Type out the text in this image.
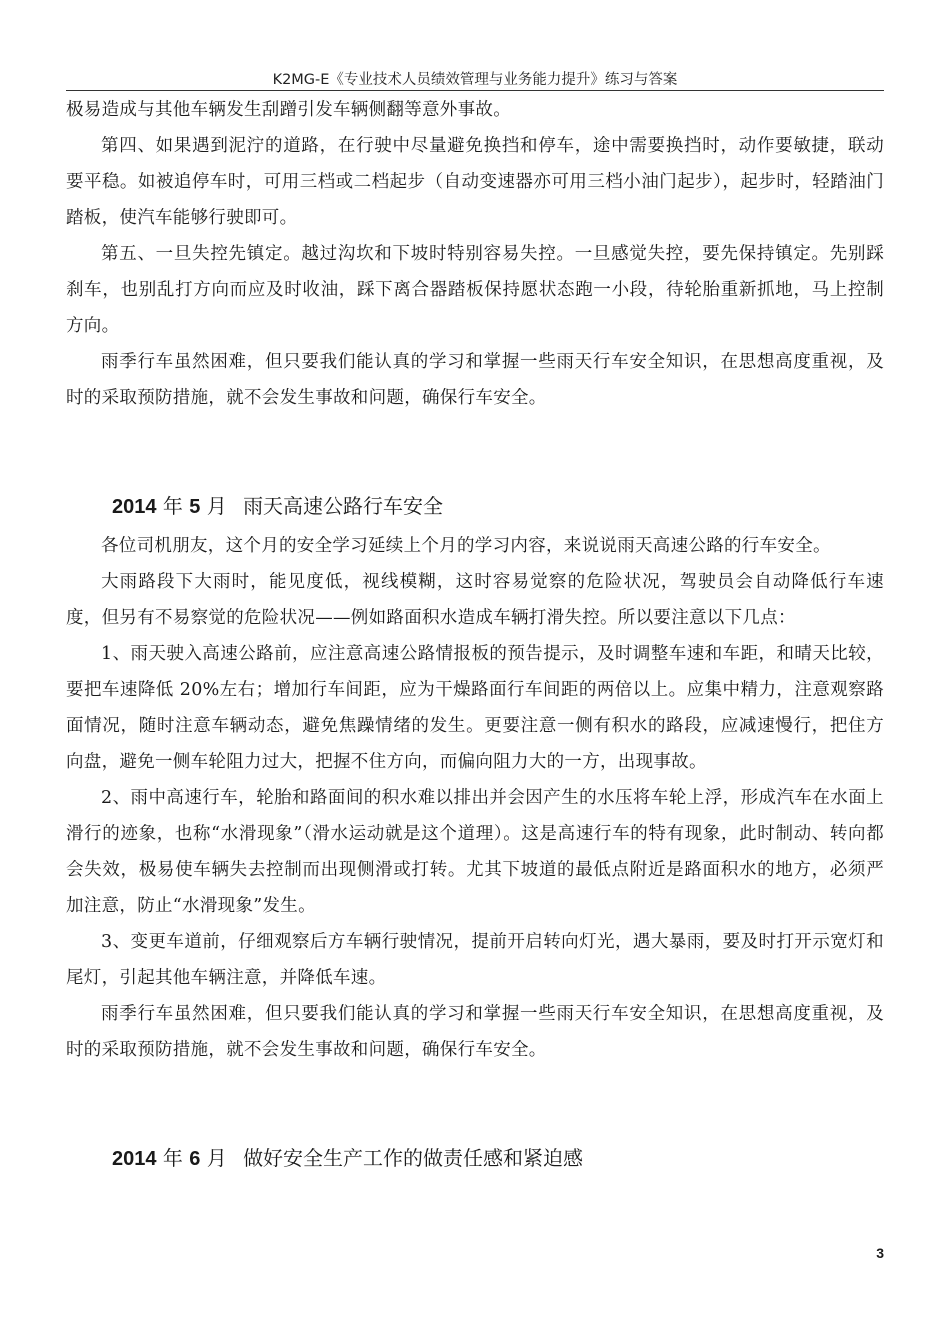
K2MG-E《专业技术人员绩效管理与业务能力提升》练习与答案

极易造成与其他车辆发生刮蹭引发车辆侧翻等意外事故。

第四、如果遇到泥泞的道路，在行驶中尽量避免换挡和停车，途中需要换挡时，动作要敏捷，联动要平稳。如被追停车时，可用三档或二档起步（自动变速器亦可用三档小油门起步），起步时，轻踏油门踏板，使汽车能够行驶即可。

第五、一旦失控先镇定。越过沟坎和下坡时特别容易失控。一旦感觉失控，要先保持镇定。先别踩刹车，也别乱打方向而应及时收油，踩下离合器踏板保持愿状态跑一小段，待轮胎重新抓地，马上控制方向。

雨季行车虽然困难，但只要我们能认真的学习和掌握一些雨天行车安全知识，在思想高度重视，及时的采取预防措施，就不会发生事故和问题，确保行车安全。

2014 年 5 月 雨天高速公路行车安全

各位司机朋友，这个月的安全学习延续上个月的学习内容，来说说雨天高速公路的行车安全。

大雨路段下大雨时，能见度低，视线模糊，这时容易觉察的危险状况，驾驶员会自动降低行车速度，但另有不易察觉的危险状况——例如路面积水造成车辆打滑失控。所以要注意以下几点：

1、雨天驶入高速公路前，应注意高速公路情报板的预告提示，及时调整车速和车距，和晴天比较，要把车速降低 20%左右；增加行车间距，应为干燥路面行车间距的两倍以上。应集中精力，注意观察路面情况，随时注意车辆动态，避免焦躁情绪的发生。更要注意一侧有积水的路段，应减速慢行，把住方向盘，避免一侧车轮阻力过大，把握不住方向，而偏向阻力大的一方，出现事故。

2、雨中高速行车，轮胎和路面间的积水难以排出并会因产生的水压将车轮上浮，形成汽车在水面上滑行的迹象，也称“水滑现象”（滑水运动就是这个道理）。这是高速行车的特有现象，此时制动、转向都会失效，极易使车辆失去控制而出现侧滑或打转。尤其下坡道的最低点附近是路面积水的地方，必须严加注意，防止“水滑现象”发生。

3、变更车道前，仔细观察后方车辆行驶情况，提前开启转向灯光，遇大暴雨，要及时打开示宽灯和尾灯，引起其他车辆注意，并降低车速。

雨季行车虽然困难，但只要我们能认真的学习和掌握一些雨天行车安全知识，在思想高度重视，及时的采取预防措施，就不会发生事故和问题，确保行车安全。

2014 年 6 月 做好安全生产工作的做责任感和紧迫感
3
